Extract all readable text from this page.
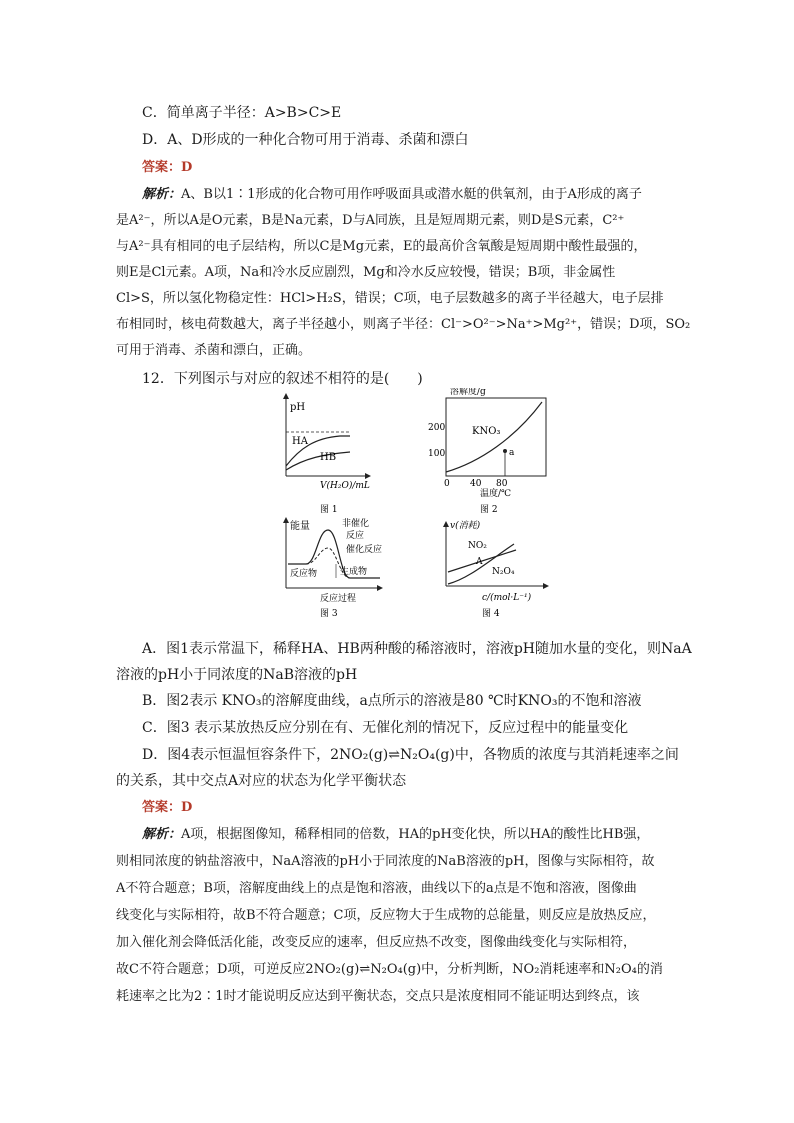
C．简单离子半径：A>B>C>E
D．A、D形成的一种化合物可用于消毒、杀菌和漂白
答案：D
解析：A、B以1∶1形成的化合物可用作呼吸面具或潜水艇的供氧剂，由于A形成的离子
是A²⁻，所以A是O元素，B是Na元素，D与A同族，且是短周期元素，则D是S元素，C²⁺
与A²⁻具有相同的电子层结构，所以C是Mg元素，E的最高价含氧酸是短周期中酸性最强的，
则E是Cl元素。A项，Na和冷水反应剧烈，Mg和冷水反应较慢，错误；B项，非金属性
Cl>S，所以氢化物稳定性：HCl>H₂S，错误；C项，电子层数越多的离子半径越大，电子层排
布相同时，核电荷数越大，离子半径越小，则离子半径：Cl⁻>O²⁻>Na⁺>Mg²⁺，错误；D项，SO₂
可用于消毒、杀菌和漂白，正确。
12．下列图示与对应的叙述不相符的是(　　)
pH
HA
HB
V(H₂O)/mL
图 1
溶解度/g
200
100
0 40 80
KNO₃
a
温度/℃
图 2
能量	非催化
反应
催化反应
反应物	生成物
反应过程
图 3
v(消耗)
NO₂
A
N₂O₄
c/(mol·L⁻¹)
图 4
A．图1表示常温下，稀释HA、HB两种酸的稀溶液时，溶液pH随加水量的变化，则NaA
溶液的pH小于同浓度的NaB溶液的pH
B．图2表示 KNO₃的溶解度曲线，a点所示的溶液是80 ℃时KNO₃的不饱和溶液
C．图3 表示某放热反应分别在有、无催化剂的情况下，反应过程中的能量变化
D．图4表示恒温恒容条件下，2NO₂(g)⇌N₂O₄(g)中，各物质的浓度与其消耗速率之间
的关系，其中交点A对应的状态为化学平衡状态
答案：D
解析：A项，根据图像知，稀释相同的倍数，HA的pH变化快，所以HA的酸性比HB强，
则相同浓度的钠盐溶液中，NaA溶液的pH小于同浓度的NaB溶液的pH，图像与实际相符，故
A不符合题意；B项，溶解度曲线上的点是饱和溶液，曲线以下的a点是不饱和溶液，图像曲
线变化与实际相符，故B不符合题意；C项，反应物大于生成物的总能量，则反应是放热反应，
加入催化剂会降低活化能，改变反应的速率，但反应热不改变，图像曲线变化与实际相符，
故C不符合题意；D项，可逆反应2NO₂(g)⇌N₂O₄(g)中，分析判断，NO₂消耗速率和N₂O₄的消
耗速率之比为2∶1时才能说明反应达到平衡状态，交点只是浓度相同不能证明达到终点，该
